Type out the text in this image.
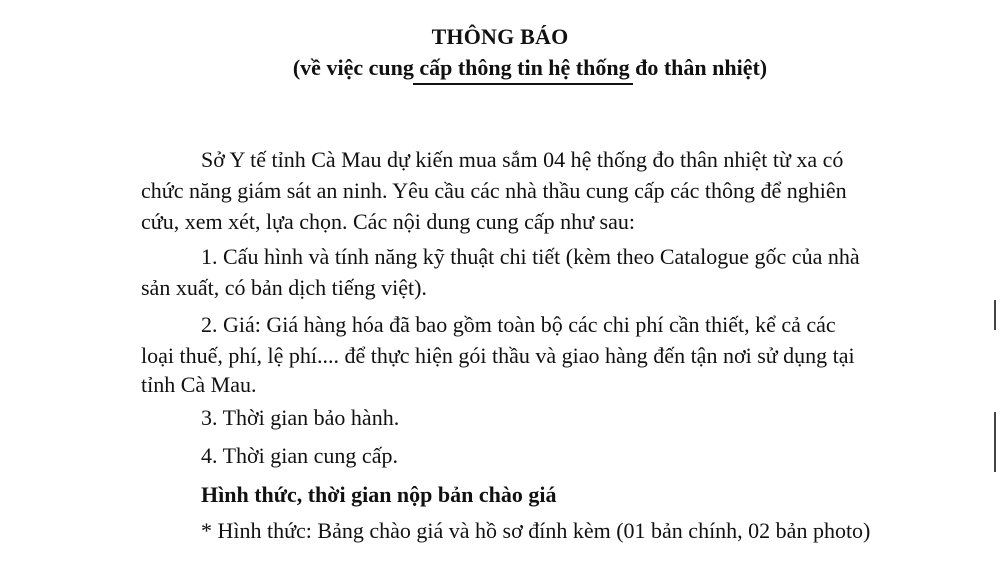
THÔNG BÁO
(về việc cung cấp thông tin hệ thống đo thân nhiệt)
Sở Y tế tỉnh Cà Mau dự kiến mua sắm 04 hệ thống đo thân nhiệt từ xa có
chức năng giám sát an ninh. Yêu cầu các nhà thầu cung cấp các thông để nghiên
cứu, xem xét, lựa chọn. Các nội dung cung cấp như sau:
1. Cấu hình và tính năng kỹ thuật chi tiết (kèm theo Catalogue gốc của nhà
sản xuất, có bản dịch tiếng việt).
2. Giá: Giá hàng hóa đã bao gồm toàn bộ các chi phí cần thiết, kể cả các
loại thuế, phí, lệ phí.... để thực hiện gói thầu và giao hàng đến tận nơi sử dụng tại
tỉnh Cà Mau.
3. Thời gian bảo hành.
4. Thời gian cung cấp.
Hình thức, thời gian nộp bản chào giá
* Hình thức: Bảng chào giá và hồ sơ đính kèm (01 bản chính, 02 bản photo)
